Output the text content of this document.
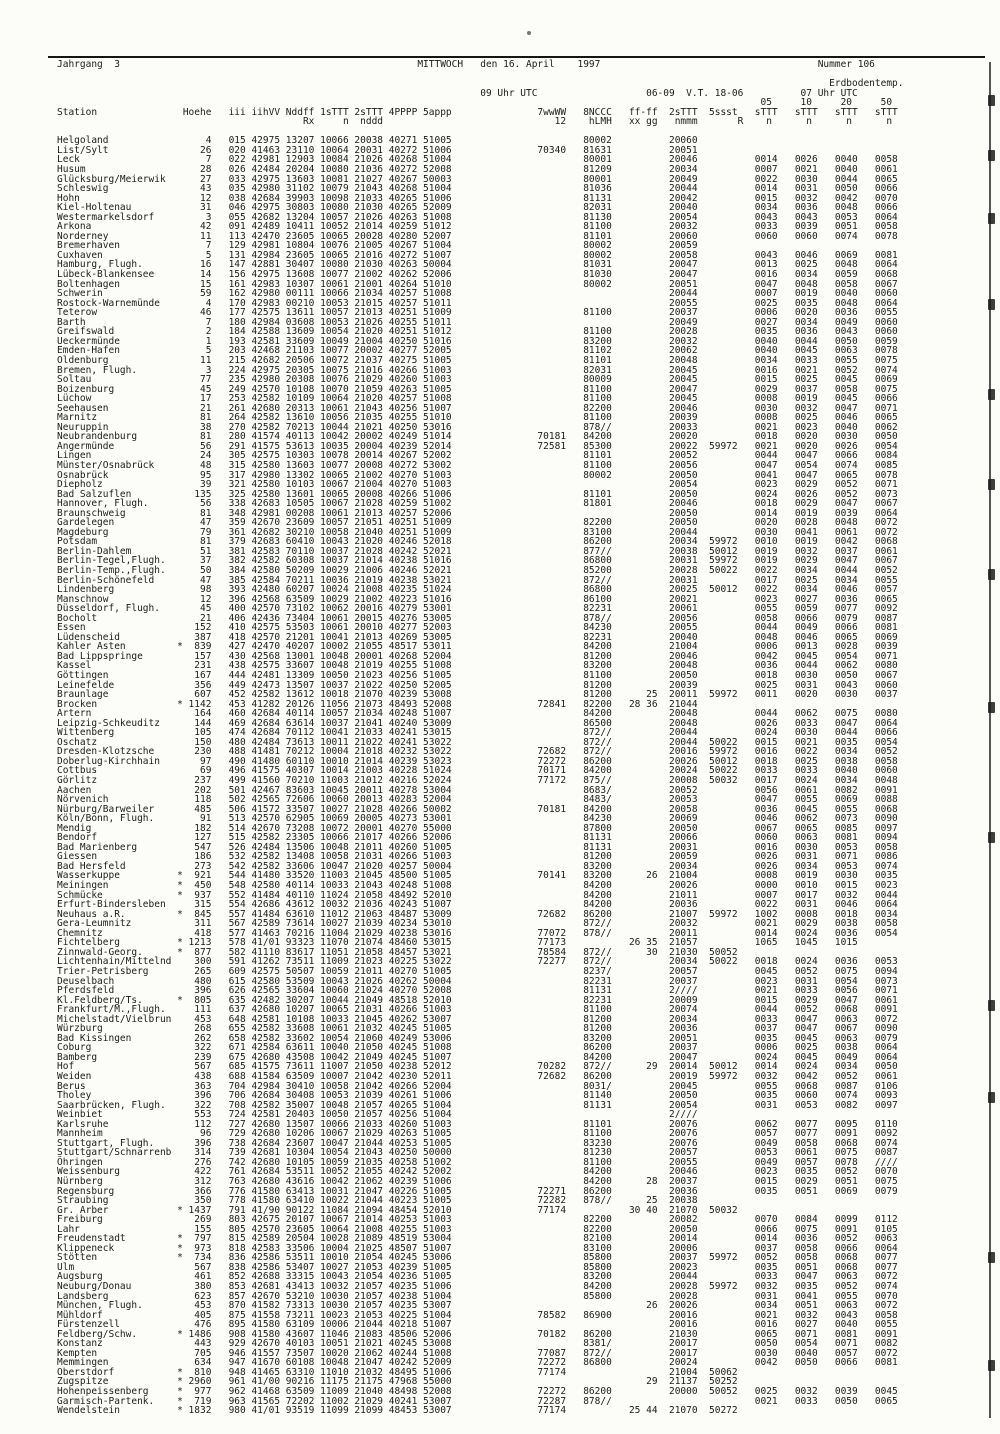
Jahrgang  3                                                    MITTWOCH   den 16. April    1997                                      Nummer 106

Erdbodentemp.
09 Uhr UTC                   06-09  V.T. 18-06          07 Uhr UTC
05     10     20     50
Station               Hoehe   iii iihVV Nddff 1sTTT 2sTTT 4PPPP 5appp               7wwWW   8NCCC   ff-ff  2sTTT  5ssst   sTTT   sTTT   sTTT   sTTT
Rx     n  nddd                              12    hLMH   xx gg   nmmm       R    n      n      n      n

Helgoland                 4   015 42975 13207 10066 20038 40271 51005                       80002          20060
List/Sylt                26   020 41463 23110 10064 20031 40272 51006               70340   81631          20051
Leck                      7   022 42981 12903 10084 21026 40268 51004                       80001          20046          0014   0026   0040   0058
Husum                    28   026 42484 20204 10080 21036 40272 52008                       81209          20034          0007   0021   0040   0061
Glücksburg/Meierwik      27   033 42975 13603 10081 21027 40267 50003                       80001          20049          0022   0030   0044   0065
Schleswig                43   035 42980 31102 10079 21043 40268 51004                       81036          20044          0014   0031   0050   0066
Hohn                     12   038 42684 39903 10098 21033 40265 51006                       81131          20042          0015   0032   0042   0070
Kiel-Holtenau            31   046 42975 30803 10080 21030 40265 52009                       82031          20040          0034   0036   0048   0066
Westermarkelsdorf         3   055 42682 13204 10057 21026 40263 51008                       81130          20054          0043   0043   0053   0064
Arkona                   42   091 42489 10411 10052 21014 40259 51012                       81100          20032          0033   0039   0051   0058
Norderney                11   113 42470 23605 10065 20028 40280 52007                       81101          20060          0060   0060   0074   0078
Bremerhaven               7   129 42981 10804 10076 21005 40267 51004                       80002          20059
Cuxhaven                  5   131 42984 23605 10065 21016 40272 51007                       80002          20058          0043   0046   0069   0081
Hamburg, Flugh.          16   147 42881 30407 10080 21030 40263 50004                       81031          20047          0013   0025   0048   0064
Lübeck-Blankensee        14   156 42975 13608 10077 21002 40262 52006                       81030          20047          0016   0034   0059   0068
Boltenhagen              15   161 42983 10307 10061 21001 40264 51010                       80002          20051          0047   0048   0058   0067
Schwerin                 59   162 42980 00111 10066 21034 40257 51008                                      20044          0007   0019   0040   0060
Rostock-Warnemünde        4   170 42983 00210 10053 21015 40257 51011                                      20055          0025   0035   0048   0064
Teterow                  46   177 42575 13611 10057 21013 40251 51009                       81100          20037          0006   0020   0036   0055
Barth                     7   180 42984 03608 10053 21026 40255 51011                                      20049          0027   0034   0049   0060
Greifswald                2   184 42588 13609 10054 21020 40251 51012                       81100          20028          0035   0036   0043   0060
Ueckermünde               1   193 42581 33609 10049 21004 40250 51016                       83200          20032          0040   0044   0050   0059
Emden-Hafen               5   203 42468 21103 10077 20002 40277 52005                       81102          20062          0040   0045   0063   0078
Oldenburg                11   215 42682 20506 10072 21037 40275 51005                       81101          20048          0034   0033   0055   0075
Bremen, Flugh.            3   224 42975 20305 10075 21016 40266 51003                       82031          20045          0016   0021   0052   0074
Soltau                   77   235 42980 20308 10076 21029 40260 51003                       80009          20045          0015   0025   0045   0069
Boizenburg               45   249 42570 10108 10070 21059 40263 51005                       81100          20047          0029   0037   0058   0075
Lüchow                   17   253 42582 10109 10064 21020 40257 51008                       81100          20045          0008   0019   0045   0066
Seehausen                21   261 42680 20313 10061 21043 40256 51007                       82200          20046          0030   0032   0047   0071
Marnitz                  81   264 42582 13610 10056 21035 40255 51010                       81100          20039          0008   0025   0046   0065
Neuruppin                38   270 42582 70213 10044 21021 40250 53016                       878//          20033          0021   0023   0040   0062
Neubrandenburg           81   280 41574 40113 10042 20002 40249 51014               70181   84200          20020          0018   0020   0030   0050
Angermünde               56   291 41575 53613 10035 20004 40239 52014               72581   85300          20022  59972   0021   0020   0026   0054
Lingen                   24   305 42575 10303 10078 20014 40267 52002                       81101          20052          0044   0047   0066   0084
Münster/Osnabrück        48   315 42580 13603 10077 20008 40272 53002                       81100          20056          0047   0054   0074   0085
Osnabrück                95   317 42980 13302 10065 21002 40270 51003                       80002          20050          0041   0047   0065   0078
Diepholz                 39   321 42580 10103 10067 21004 40270 51003                                      20054          0023   0029   0052   0071
Bad Salzuflen           135   325 42580 13601 10065 20008 40266 51006                       81101          20050          0024   0026   0052   0073
Hannover, Flugh.         56   338 42683 10505 10067 21028 40259 51002                       81801          20046          0018   0029   0047   0067
Braunschweig             81   348 42981 00208 10061 21013 40257 52006                                      20050          0014   0019   0039   0064
Gardelegen               47   359 42670 23609 10057 21051 40251 51009                       82200          20050          0020   0028   0048   0072
Magdeburg                79   361 42682 30210 10058 21040 40251 51009                       83100          20044          0030   0041   0061   0072
Potsdam                  81   379 42683 60410 10043 21020 40246 52018                       86200          20034  59972   0010   0019   0042   0068
Berlin-Dahlem            51   381 42583 70110 10037 21028 40242 52021                       877//          20038  50012   0019   0032   0037   0061
Berlin-Tegel,Flugh.      37   382 42582 60308 10037 21014 40238 51016                       86800          20031  59972   0019   0029   0047   0067
Berlin-Temp.,Flugh.      50   384 42580 50209 10029 21006 40246 52021                       85200          20028  50022   0022   0034   0044   0052
Berlin-Schönefeld        47   385 42584 70211 10036 21019 40238 53021                       872//          20031          0017   0025   0034   0055
Lindenberg               98   393 42480 60207 10024 21008 40235 51024                       86800          20025  50012   0022   0034   0046   0057
Manschnow                12   396 42568 63509 10029 21002 40223 51016                       86100          20021          0023   0027   0036   0065
Düsseldorf, Flugh.       45   400 42570 73102 10062 20016 40279 53001                       82231          20061          0055   0059   0077   0092
Bocholt                  21   406 42436 73404 10061 20015 40276 53005                       878//          20056          0058   0066   0079   0087
Essen                   152   410 42575 53503 10061 20010 40277 52003                       84230          20055          0044   0049   0066   0081
Lüdenscheid             387   418 42570 21201 10041 21013 40269 53005                       82231          20040          0048   0046   0065   0069
Kahler Asten         *  839   427 42470 40207 10002 21055 48517 53011                       84200          21004          0006   0013   0028   0039
Bad Lippspringe         157   430 42568 13001 10048 20001 40268 52004                       81200          20046          0042   0045   0054   0071
Kassel                  231   438 42575 33607 10048 21019 40255 51008                       83200          20048          0036   0044   0062   0080
Göttingen               167   444 42481 13309 10050 21023 40256 51005                       81100          20050          0018   0030   0050   0067
Leinefelde              356   449 42473 13507 10037 21022 40250 52005                       81200          20039          0025   0031   0043   0060
Braunlage               607   452 42582 13612 10018 21070 40239 53008                       81200      25  20011  59972   0011   0020   0030   0037
Brocken              * 1142   453 41282 20126 11056 21073 48493 52008               72841   82200   28 36  21044
Artern                  164   460 42684 40114 10057 21034 40248 51007                       84200          20048          0044   0062   0075   0080
Leipzig-Schkeuditz      144   469 42684 63614 10037 21041 40240 53009                       86500          20048          0026   0033   0047   0064
Wittenberg              105   474 42684 70112 10041 21033 40241 53015                       872//          20044          0024   0030   0044   0066
Oschatz                 150   480 42484 73613 10011 21022 40241 53022                       872//          20044  50022   0015   0021   0035   0054
Dresden-Klotzsche       230   488 41481 70212 10004 21018 40232 53022               72682   872//          20016  59972   0016   0022   0034   0052
Doberlug-Kirchhain       97   490 41480 60110 10010 21014 40239 53023               72272   86200          20026  50012   0018   0025   0038   0058
Cottbus                  69   496 41575 40307 10014 21003 40228 51024               70171   84200          20024  50022   0033   0033   0040   0060
Görlitz                 237   499 41560 70210 11003 21012 40216 52024               77172   875//          20008  50032   0017   0024   0034   0048
Aachen                  202   501 42467 83603 10045 20011 40278 53004                       8683/          20052          0056   0061   0082   0091
Nörvenich               118   502 42565 72606 10060 20013 40283 52004                       8483/          20053          0047   0055   0069   0088
Nürburg/Barweiler       485   506 41572 33507 10027 21028 40266 50002               70181   84200          20058          0036   0045   0055   0068
Köln/Bonn, Flugh.        91   513 42570 62905 10069 20005 40273 53001                       84230          20069          0046   0062   0073   0090
Mendig                  182   514 42670 73208 10072 20001 40270 55000                       87800          20050          0067   0065   0085   0097
Bendorf                 127   515 42582 23305 10066 21017 40266 52006                       81131          20066          0060   0063   0081   0094
Bad Marienberg          547   526 42484 13506 10048 21011 40260 51005                       81131          20031          0016   0030   0053   0058
Giessen                 186   532 42582 13408 10058 21031 40266 51003                       81200          20059          0026   0031   0071   0086
Bad Hersfeld            273   542 42582 33606 10047 21020 40257 50004                       83200          20034          0026   0034   0053   0074
Wasserkuppe          *  921   544 41480 33520 11003 21045 48500 51005               70141   83200      26  21004          0008   0019   0030   0035
Meiningen            *  450   548 42580 40114 10033 21043 40248 51008                       84200          20026          0000   0010   0015   0023
Schmücke             *  937   552 41484 40110 11024 21058 48492 52010                       84200          21011          0007   0017   0032   0044
Erfurt-Bindersleben     315   554 42686 43612 10032 21036 40243 51007                       84200          20036          0022   0031   0046   0064
Neuhaus a.R.         *  845   557 41484 63610 11012 21063 48487 53009               72682   86200          21007  59972   1002   0008   0018   0034
Gera-Leumnitz           311   567 42589 73614 10027 21039 40234 53010                       872//          20032          0021   0029   0038   0058
Chemnitz                418   577 41463 70216 11004 21029 40238 53016               77072   878//          20011          0014   0024   0036   0054
Fichtelberg          * 1213   578 41/01 93323 11070 21074 48460 53015               77173           26 35  21057          1065   1045   1015
Zinnwald-Georg.      *  877   582 41110 83617 11051 21058 48457 53021               78584   872//      30  21030  50052
Lichtenhain/Mittelnd    300   591 41262 73511 11009 21023 40225 53022               72277   872//          20034  50022   0018   0024   0036   0053
Trier-Petrisberg        265   609 42575 50507 10059 21011 40270 51005                       8237/          20057          0045   0052   0075   0094
Deuselbach              480   615 42580 53509 10043 21026 40262 50004                       82231          20037          0023   0031   0054   0073
Pferdsfeld              396   626 42565 33604 10060 21024 40270 52008                       81131          2////          0021   0033   0056   0071
Kl.Feldberg/Ts.      *  805   635 42482 30207 10044 21049 48518 52010                       82231          20009          0015   0029   0047   0061
Frankfurt/M.,Flugh.     111   637 42680 10207 10065 21031 40266 51003                       81100          20074          0044   0052   0068   0091
Michelstadt/Vielbrun    453   648 42581 10108 10033 21045 40262 53007                       81200          20034          0033   0047   0063   0072
Würzburg                268   655 42582 33608 10061 21032 40245 51005                       81200          20036          0037   0047   0067   0090
Bad Kissingen           262   658 42582 33602 10054 21060 40249 53006                       83200          20051          0035   0045   0063   0079
Coburg                  322   671 42584 63611 10040 21050 40245 51008                       86200          20037          0006   0025   0038   0064
Bamberg                 239   675 42680 43508 10042 21049 40245 51007                       84200          20047          0024   0045   0049   0064
Hof                     567   685 41575 73611 11007 21050 40238 52012               70282   872//      29  20014  50012   0014   0024   0034   0050
Weiden                  438   688 41584 63509 10007 21042 40230 52011               72682   86200          20019  59972   0032   0042   0052   0061
Berus                   363   704 42984 30410 10058 21042 40266 52004                       8031/          20045          0055   0068   0087   0106
Tholey                  396   706 42684 30408 10053 21039 40261 51006                       81140          20050          0035   0060   0074   0093
Saarbrücken, Flugh.     322   708 42582 35007 10048 21057 40265 51004                       81131          20054          0031   0053   0082   0097
Weinbiet                553   724 42581 20403 10050 21057 40256 51004                                      2////
Karlsruhe               112   727 42680 13507 10066 21033 40260 51003                       81101          20076          0062   0077   0095   0110
Mannheim                 96   729 42680 10206 10067 21029 40263 51005                       81100          20076          0057   0077   0091   0092
Stuttgart, Flugh.       396   738 42684 23607 10047 21044 40253 51005                       83230          20076          0049   0058   0068   0074
Stuttgart/Schnarrenb    314   739 42681 10304 10054 21043 40250 50000                       81230          20057          0053   0061   0075   0087
Öhringen                276   742 42680 10105 10059 21035 40258 51002                       81100          20055          0049   0057   0078   ////
Weissenburg             422   761 42684 53511 10052 21055 40242 52002                       84200          20046          0023   0035   0052   0070
Nürnberg                312   763 42680 43616 10042 21062 40239 51006                       84200      28  20037          0015   0029   0051   0075
Regensburg              366   776 41580 63413 10031 21047 40226 51005               72271   86200          20036          0035   0051   0069   0079
Straubing               350   778 41580 63410 10022 21044 40223 51005               72282   878//      25  20038
Gr. Arber            * 1437   791 41/90 90122 11084 21094 48454 52010               77174           30 40  21070  50032
Freiburg                269   803 42675 20107 10067 21014 40253 51003                       82200          20082          0070   0084   0099   0112
Lahr                    155   805 42570 23605 10064 21008 40255 51003                       82200          20050          0066   0075   0091   0105
Freudenstadt         *  797   815 42589 20504 10028 21089 48519 53004                       82100          20014          0014   0036   0052   0063
Klippeneck           *  973   818 42583 33506 10004 21025 48507 51007                       83100          20006          0037   0058   0066   0064
Stötten              *  734   836 42586 53511 10010 21054 40245 53006                       85800          20037  59972   0052   0058   0068   0077
Ulm                     567   838 42586 53407 10027 21053 40239 51005                       85800          20023          0035   0051   0068   0077
Augsburg                461   852 42688 33315 10043 21054 40236 51005                       83200          20044          0033   0047   0063   0072
Neuburg/Donau           380   853 42681 43413 10032 21057 40235 51006                       84200          20028  59972   0032   0035   0052   0074
Landsberg               623   857 42670 53210 10030 21057 40238 51004                       85800          20028          0031   0041   0055   0070
München, Flugh.         453   870 41582 73313 10030 21057 40235 53007                                  26  20026          0034   0051   0063   0072
Mühldorf                405   875 41558 73211 10023 21053 40225 51004               78582   86900          20016          0021   0032   0043   0058
Fürstenzell             476   895 41580 63109 10006 21044 40218 51007                                      20016          0016   0027   0040   0055
Feldberg/Schw.       * 1486   908 41580 43607 11046 21083 48506 52006               70182   86200          21030          0065   0071   0081   0091
Konstanz                443   929 42670 40103 10051 21021 40245 53008                       8381/          20017          0050   0054   0071   0082
Kempten                 705   946 41557 73507 10020 21062 40244 51008               77087   872//          20017          0030   0040   0057   0072
Memmingen               634   947 41670 60108 10048 21047 40242 52009               72272   86800          20024          0042   0050   0066   0081
Oberstdorf           *  810   948 41465 63310 11010 21032 48495 51006               77174                  21004  50062
Zugspitze            * 2960   961 41/00 90216 11175 21175 47968 55000                                  29  21137  50252
Hohenpeissenberg     *  977   962 41468 63509 11009 21040 48498 52008               72272   86200          20000  50052   0025   0032   0039   0045
Garmisch-Partenk.    *  719   963 41565 72202 11002 21029 40241 53007               72287   878//                         0021   0033   0050   0065
Wendelstein          * 1832   980 41/01 93519 11099 21099 48453 53007               77174           25 44  21070  50272
